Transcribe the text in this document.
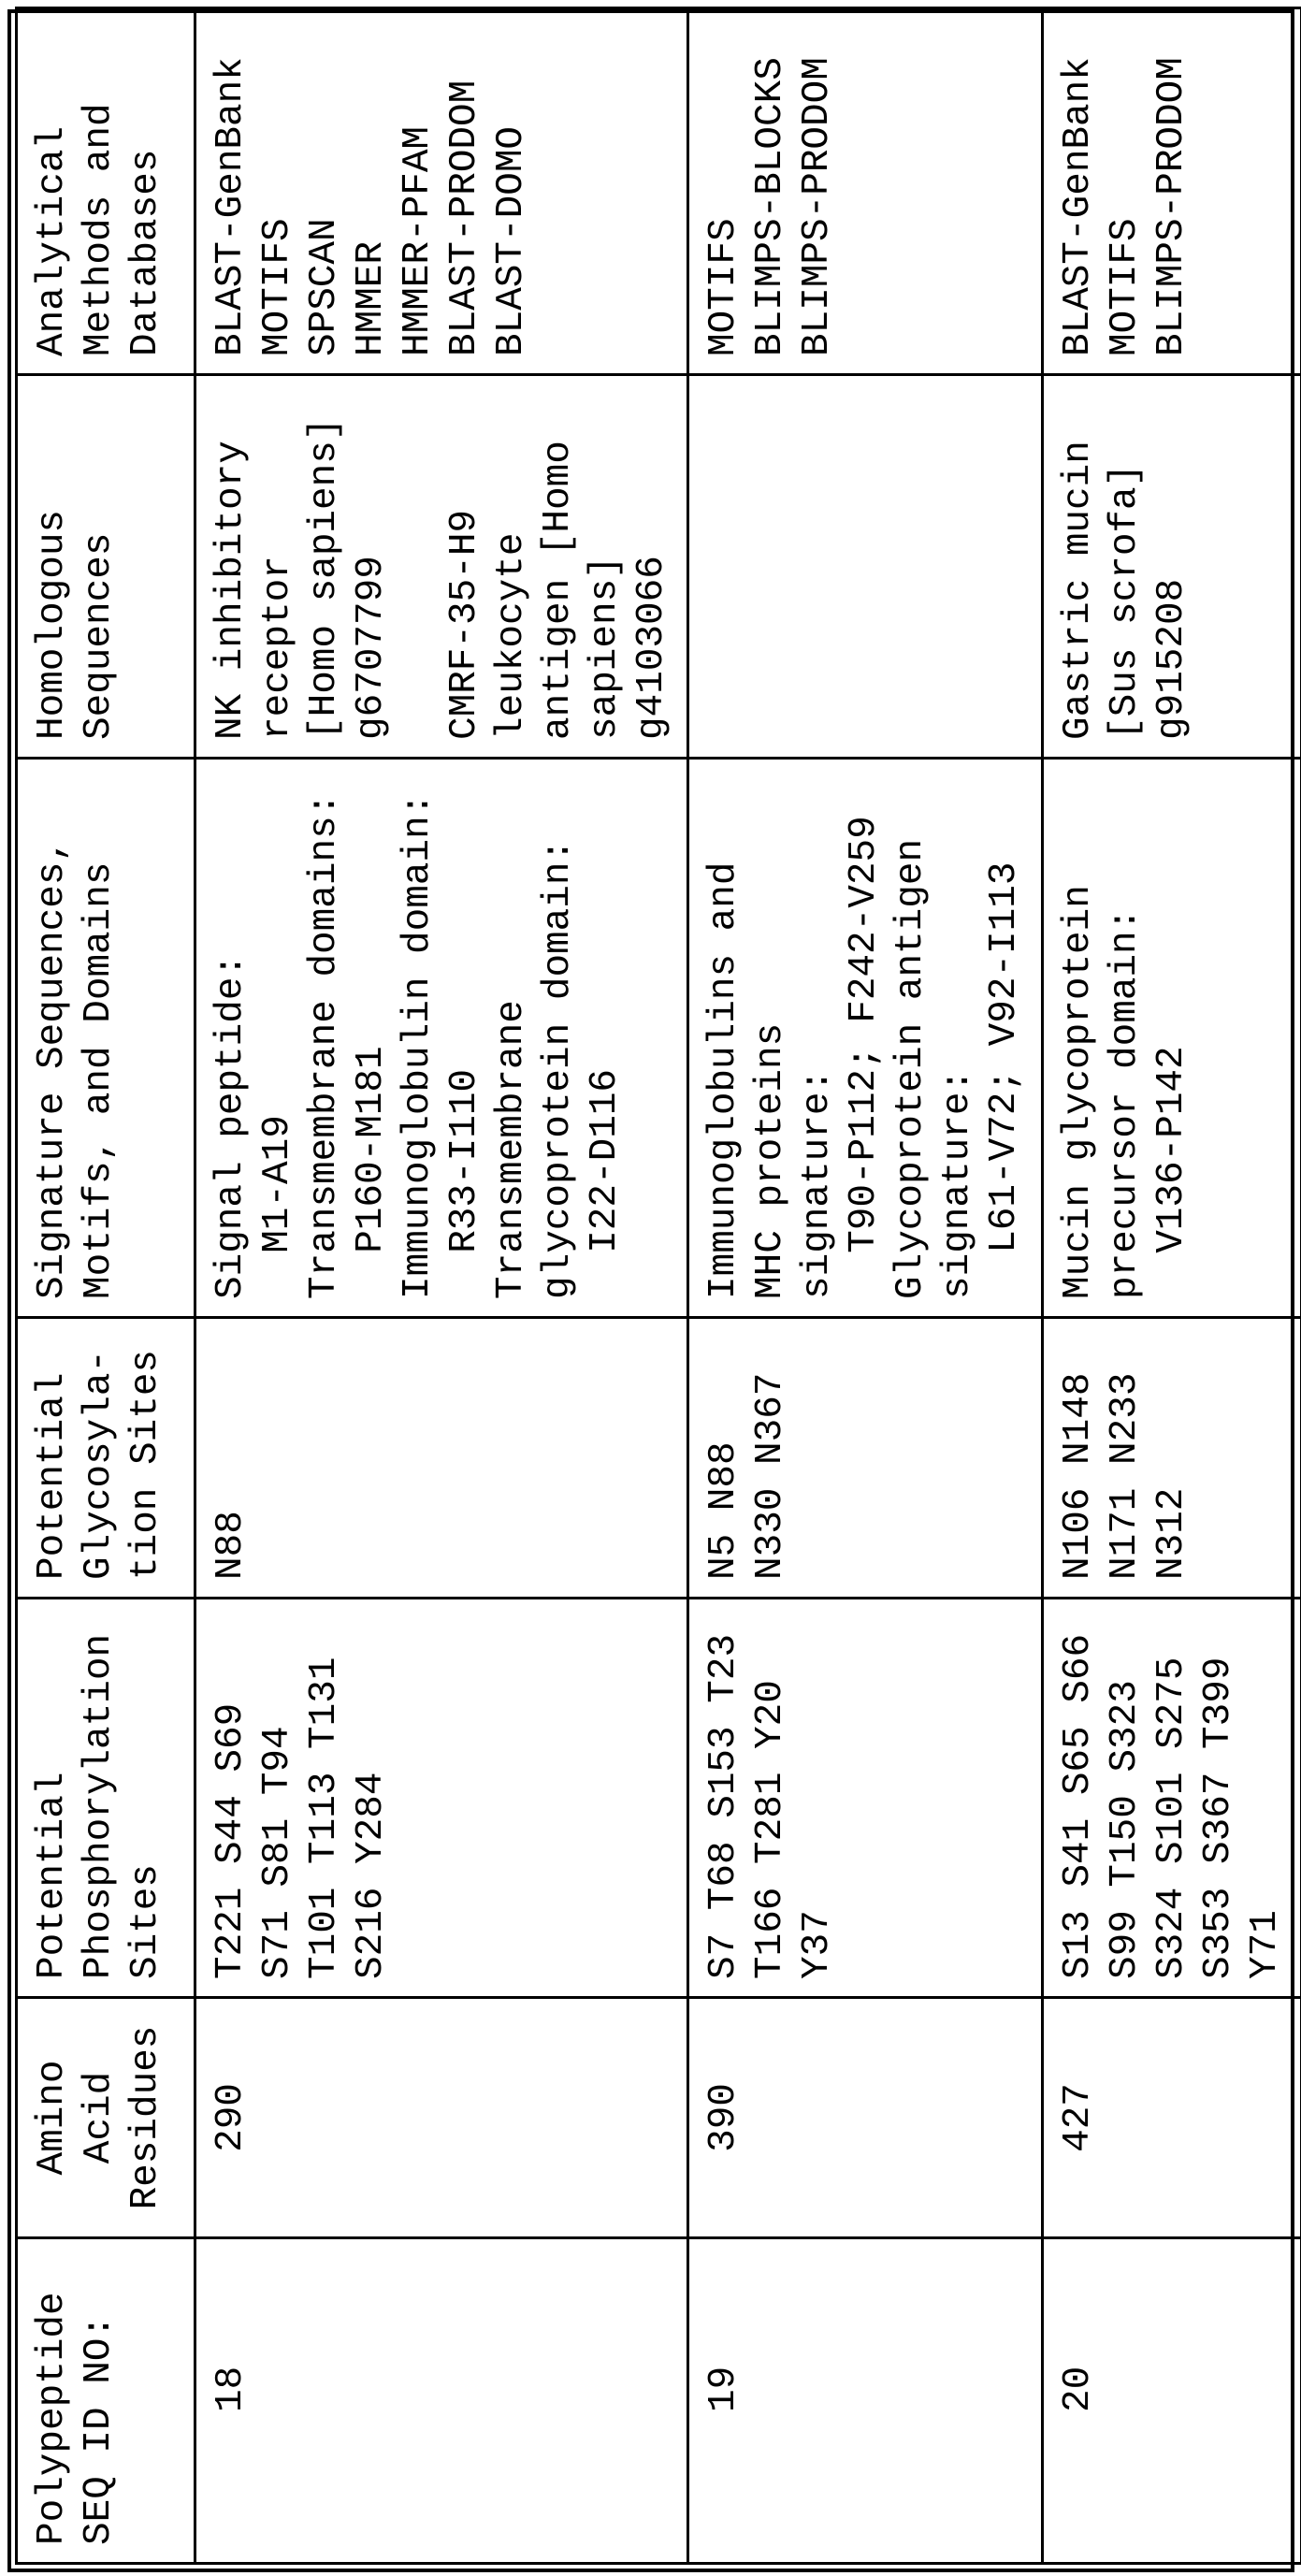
Polypeptide
SEQ ID NO:	Amino
Acid
Residues	Potential
Phosphorylation
Sites	Potential
Glycosyla-
tion Sites	Signature Sequences,
Motifs, and Domains	Homologous
Sequences	Analytical
Methods and
Databases
18	290	T221 S44 S69
S71 S81 T94
T101 T113 T131
S216 Y284	N88	Signal peptide:
M1-A19
Transmembrane domains:
P160-M181
Immunoglobulin domain:
R33-I110
Transmembrane
glycoprotein domain:
I22-D116	NK inhibitory
receptor
[Homo sapiens]
g6707799

CMRF-35-H9
leukocyte
antigen [Homo
sapiens]
g4103066	BLAST-GenBank
MOTIFS
SPSCAN
HMMER
HMMER-PFAM
BLAST-PRODOM
BLAST-DOMO
19	390	S7 T68 S153 T23
T166 T281 Y20
Y37	N5 N88
N330 N367	Immunoglobulins and
MHC proteins
signature:
T90-P112; F242-V259
Glycoprotein antigen
signature:
L61-V72; V92-I113		MOTIFS
BLIMPS-BLOCKS
BLIMPS-PRODOM
20	427	S13 S41 S65 S66
S99 T150 S323
S324 S101 S275
S353 S367 T399
Y71	N106 N148
N171 N233
N312	Mucin glycoprotein
precursor domain:
V136-P142	Gastric mucin
[Sus scrofa]
g915208	BLAST-GenBank
MOTIFS
BLIMPS-PRODOM
